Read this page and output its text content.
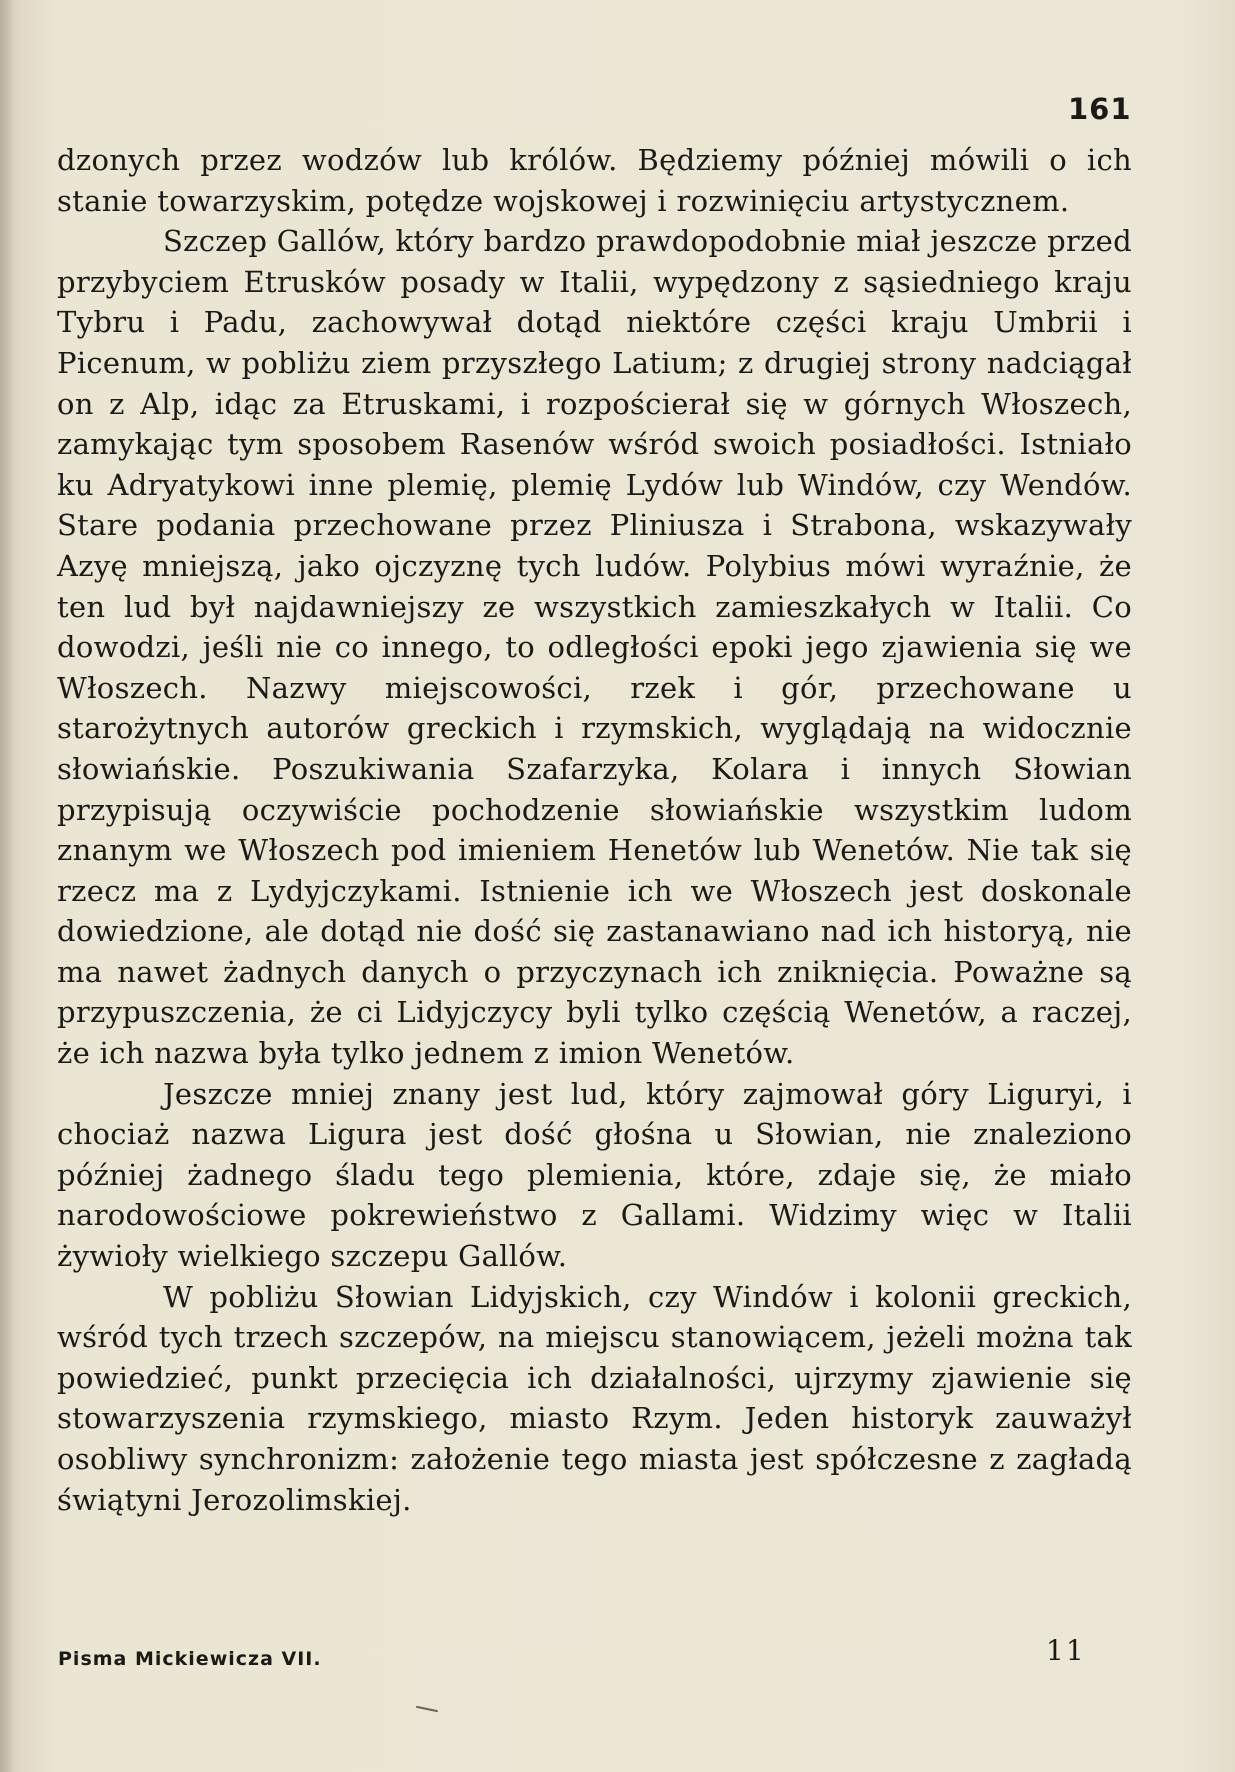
161

dzonych przez wodzów lub królów. Będziemy później mówili o ich stanie towarzyskim, potędze wojskowej i rozwinięciu artystycznem.

Szczep Gallów, który bardzo prawdopodobnie miał jeszcze przed przybyciem Etrusków posady w Italii, wypędzony z sąsiedniego kraju Tybru i Padu, zachowywał dotąd niektóre części kraju Umbrii i Picenum, w pobliżu ziem przyszłego Latium; z drugiej strony nadciągał on z Alp, idąc za Etruskami, i rozpościerał się w górnych Włoszech, zamykając tym sposobem Rasenów wśród swoich posiadłości. Istniało ku Adryatykowi inne plemię, plemię Lydów lub Windów, czy Wendów. Stare podania przechowane przez Pliniusza i Strabona, wskazywały Azyę mniejszą, jako ojczyznę tych ludów. Polybius mówi wyraźnie, że ten lud był najdawniejszy ze wszystkich zamieszkałych w Italii. Co dowodzi, jeśli nie co innego, to odległości epoki jego zjawienia się we Włoszech. Nazwy miejscowości, rzek i gór, przechowane u starożytnych autorów greckich i rzymskich, wyglądają na widocznie słowiańskie. Poszukiwania Szafarzyka, Kolara i innych Słowian przypisują oczywiście pochodzenie słowiańskie wszystkim ludom znanym we Włoszech pod imieniem Henetów lub Wenetów. Nie tak się rzecz ma z Lydyjczykami. Istnienie ich we Włoszech jest doskonale dowiedzione, ale dotąd nie dość się zastanawiano nad ich historyą, nie ma nawet żadnych danych o przyczynach ich zniknięcia. Poważne są przypuszczenia, że ci Lidyjczycy byli tylko częścią Wenetów, a raczej, że ich nazwa była tylko jednem z imion Wenetów.

Jeszcze mniej znany jest lud, który zajmował góry Liguryi, i chociaż nazwa Ligura jest dość głośna u Słowian, nie znaleziono później żadnego śladu tego plemienia, które, zdaje się, że miało narodowościowe pokrewieństwo z Gallami. Widzimy więc w Italii żywioły wielkiego szczepu Gallów.

W pobliżu Słowian Lidyjskich, czy Windów i kolonii greckich, wśród tych trzech szczepów, na miejscu stanowiącem, jeżeli można tak powiedzieć, punkt przecięcia ich działalności, ujrzymy zjawienie się stowarzyszenia rzymskiego, miasto Rzym. Jeden historyk zauważył osobliwy synchronizm: założenie tego miasta jest spółczesne z zagładą świątyni Jerozolimskiej.

Pisma Mickiewicza VII.	11
